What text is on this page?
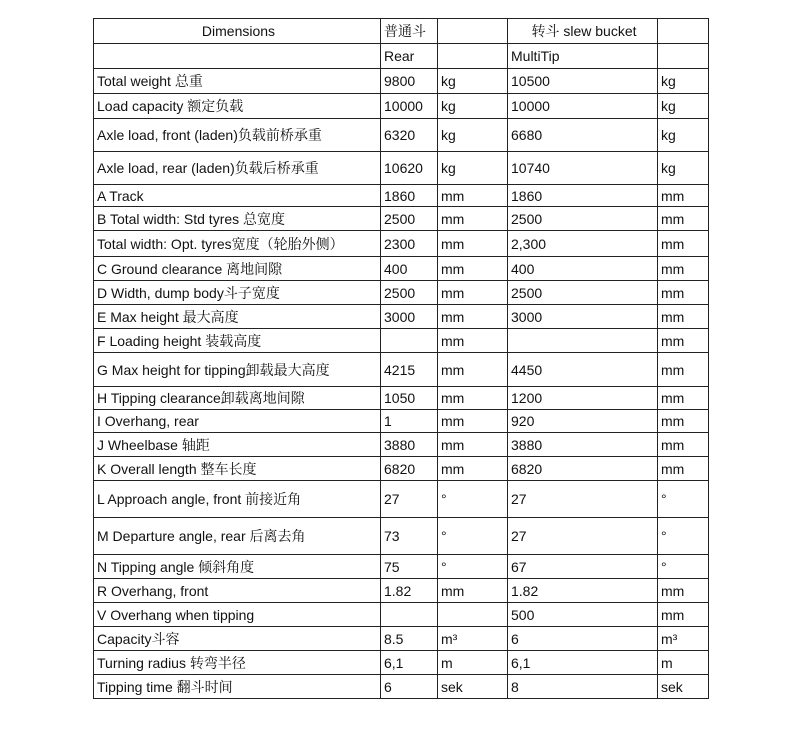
Dimensions	普通斗		转斗 slew bucket	
	Rear		MultiTip	
Total weight 总重	9800	kg	10500	kg
Load capacity 额定负载	10000	kg	10000	kg
Axle load, front (laden)负载前桥承重	6320	kg	6680	kg
Axle load, rear (laden)负载后桥承重	10620	kg	10740	kg
A Track	1860	mm	1860	mm
B Total width: Std tyres 总宽度	2500	mm	2500	mm
Total width: Opt. tyres宽度（轮胎外侧）	2300	mm	2,300	mm
C Ground clearance 离地间隙	400	mm	400	mm
D Width, dump body斗子宽度	2500	mm	2500	mm
E Max height 最大高度	3000	mm	3000	mm
F Loading height 装载高度		mm		mm
G Max height for tipping卸载最大高度	4215	mm	4450	mm
H Tipping clearance卸载离地间隙	1050	mm	1200	mm
I Overhang, rear	1	mm	920	mm
J Wheelbase 轴距	3880	mm	3880	mm
K Overall length 整车长度	6820	mm	6820	mm
L Approach angle, front 前接近角	27	°	27	°
M Departure angle, rear 后离去角	73	°	27	°
N Tipping angle 倾斜角度	75	°	67	°
R Overhang, front	1.82	mm	1.82	mm
V Overhang when tipping			500	mm
Capacity斗容	8.5	m³	6	m³
Turning radius 转弯半径	6,1	m	6,1	m
Tipping time 翻斗时间	6	sek	8	sek
